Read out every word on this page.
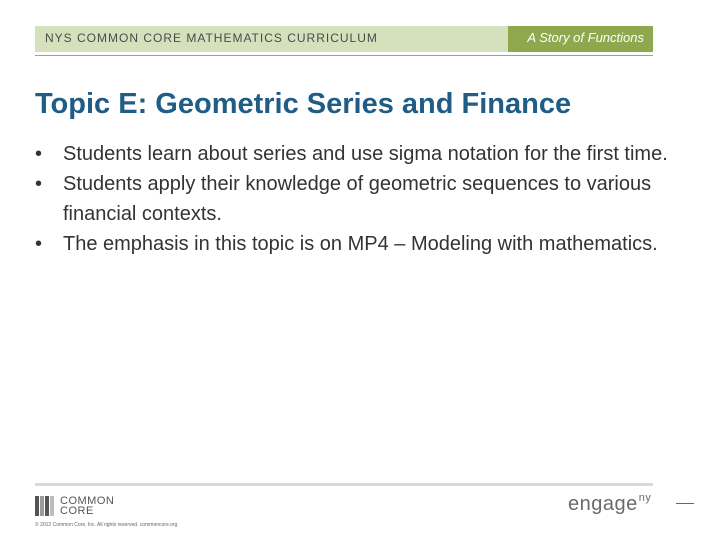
NYS COMMON CORE MATHEMATICS CURRICULUM	A Story of Functions
Topic E: Geometric Series and Finance
•	Students learn about series and use sigma notation for the first time.
•	Students apply their knowledge of geometric sequences to various financial contexts.
•	The emphasis in this topic is on MP4 – Modeling with mathematics.
COMMON
CORE
© 2012 Common Core, Inc. All rights reserved. commoncore.org
engage$^{ny}$
